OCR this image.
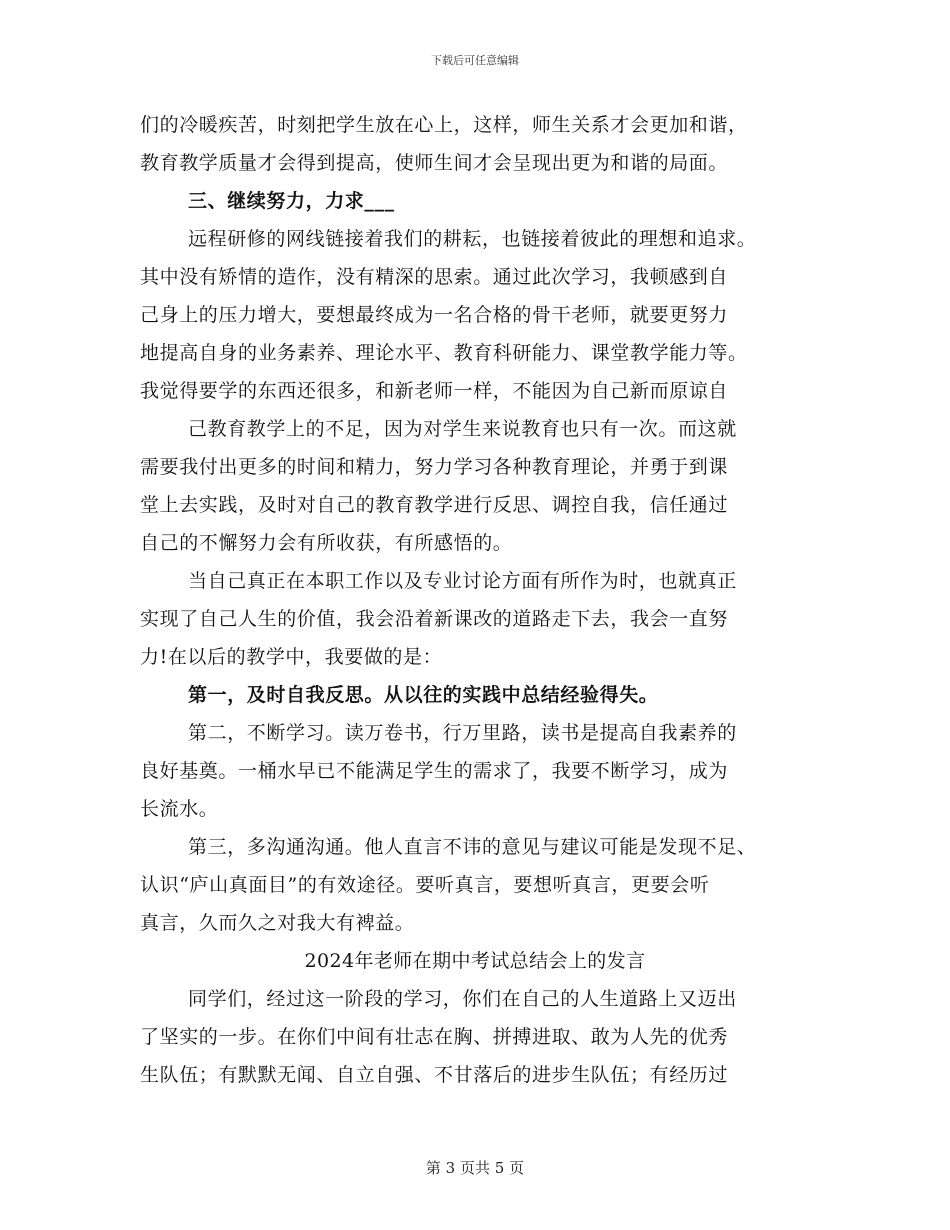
下载后可任意编辑
们的冷暖疾苦，时刻把学生放在心上，这样，师生关系才会更加和谐，
教育教学质量才会得到提高，使师生间才会呈现出更为和谐的局面。
三、继续努力，力求___
远程研修的网线链接着我们的耕耘，也链接着彼此的理想和追求。
其中没有矫情的造作，没有精深的思索。通过此次学习，我顿感到自
己身上的压力增大，要想最终成为一名合格的骨干老师，就要更努力
地提高自身的业务素养、理论水平、教育科研能力、课堂教学能力等。
我觉得要学的东西还很多，和新老师一样，不能因为自己新而原谅自
己教育教学上的不足，因为对学生来说教育也只有一次。而这就
需要我付出更多的时间和精力，努力学习各种教育理论，并勇于到课
堂上去实践，及时对自己的教育教学进行反思、调控自我，信任通过
自己的不懈努力会有所收获，有所感悟的。
当自己真正在本职工作以及专业讨论方面有所作为时，也就真正
实现了自己人生的价值，我会沿着新课改的道路走下去，我会一直努
力!在以后的教学中，我要做的是：
第一，及时自我反思。从以往的实践中总结经验得失。
第二，不断学习。读万卷书，行万里路，读书是提高自我素养的
良好基奠。一桶水早已不能满足学生的需求了，我要不断学习，成为
长流水。
第三，多沟通沟通。他人直言不讳的意见与建议可能是发现不足、
认识“庐山真面目”的有效途径。要听真言，要想听真言，更要会听
真言，久而久之对我大有裨益。
2024年老师在期中考试总结会上的发言
同学们，经过这一阶段的学习，你们在自己的人生道路上又迈出
了坚实的一步。在你们中间有壮志在胸、拼搏进取、敢为人先的优秀
生队伍；有默默无闻、自立自强、不甘落后的进步生队伍；有经历过
第 3 页共 5 页
